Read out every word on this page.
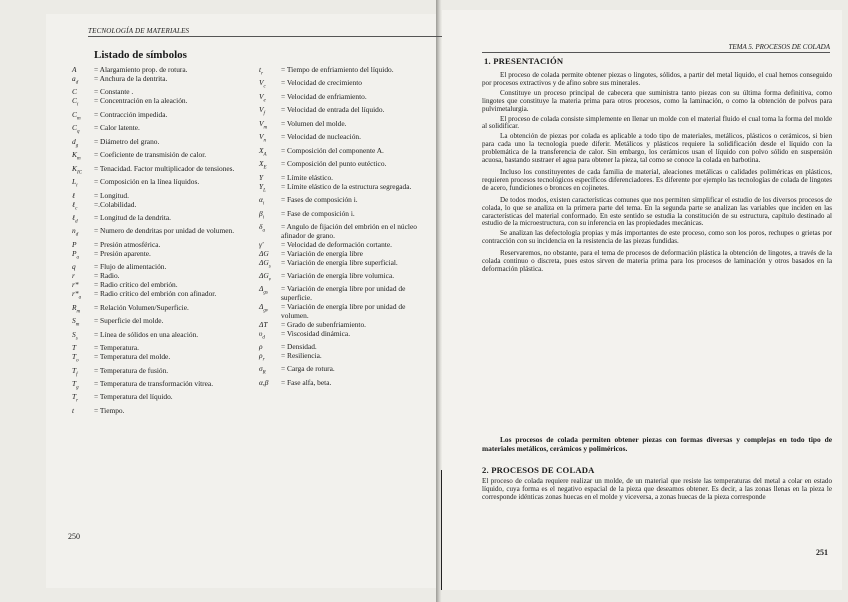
TECNOLOGÍA DE MATERIALES
Listado de símbolos
A	= Alargamiento prop. de rotura.
$a_d$	= Anchura de la dentrita.
C	= Constante .
$C_i$	= Concentración en la aleación.
$C_m$	= Contracción impedida.
$C_q$	= Calor latente.
$d_g$	= Diámetro del grano.
$K_m$	= Coeficiente de transmisión de calor.
$K_{IC}$	= Tenacidad. Factor multiplicador de tensiones.
$L_i$	= Composición en la línea líquidos.
ℓ	= Longitud.
ℓ$_c$	=.Colabilidad.
ℓ$_d$	= Longitud de la dendrita.
$n_d$	= Numero de dendritas por unidad de volumen.
P	= Presión atmosférica.
$P_a$	= Presión aparente.
q	= Flujo de alimentación.
r	= Radio.
r*	= Radio crítico del embrión.
$r*_a$	= Radio crítico del embrión con afinador.
$R_m$	= Relación Volumen/Superficie.
$S_m$	= Superficie del molde.
$S_s$	= Línea de sólidos en una aleación.
T	= Temperatura.
$T_o$	= Temperatura del molde.
$T_f$	= Temperatura de fusión.
$T_g$	= Temperatura de transformación vítrea.
$T_r$	= Temperatura del líquido.
t	= Tiempo.
$t_r$	= Tiempo de enfriamiento del líquido.
$V_c$	= Velocidad de crecimiento
$V_e$	= Velocidad de enfriamiento.
$V_f$	= Velocidad de entrada del líquido.
$V_m$	= Volumen del molde.
$V_n$	= Velocidad de nucleación.
$X_A$	= Composición del componente A.
$X_E$	= Composición del punto eutéctico.
Y	= Límite elástico.
$Y_L$	= Límite elástico de la estructura segregada.
$\alpha_i$	= Fases de composición i.
$\beta_i$	= Fase de composición i.
$\delta_a$	= Angulo de fijación del embrión en el núcleo afinador de grano.
γ'	= Velocidad de deformación cortante.
ΔG	= Variación de energía libre
$\Delta G_s$	= Variación de energía libre superficial.
$\Delta G_v$	= Variación de energía libre volumica.
$\Delta_{gs}$	= Variación de energía libre por unidad de superficie.
$\Delta_{gv}$	= Variación de energía libre por unidad de volumen.
ΔT	= Grado de subenfriamiento.
$\upsilon_d$	= Viscosidad dinámica.
ρ	= Densidad.
$\rho_r$	= Resiliencia.
$\sigma_R$	= Carga de rotura.
α,β	= Fase alfa, beta.
250
TEMA 5. PROCESOS DE COLADA
1. PRESENTACIÓN

El proceso de colada permite obtener piezas o lingotes, sólidos, a partir del metal líquido, el cual hemos conseguido por procesos extractivos y de afino sobre sus minerales.

Constituye un proceso principal de cabecera que suministra tanto piezas con su última forma definitiva, como lingotes que constituye la materia prima para otros procesos, como la laminación, o como la obtención de polvos para pulvimetalurgia.

El proceso de colada consiste simplemente en llenar un molde con el material fluido el cual toma la forma del molde al solidificar.

La obtención de piezas por colada es aplicable a todo tipo de materiales, metálicos, plásticos o cerámicos, si bien para cada uno la tecnología puede diferir. Metálicos y plásticos requiere la solidificación desde el líquido con la problemática de la transferencia de calor. Sin embargo, los cerámicos usan el líquido con polvo sólido en suspensión acuosa, bastando sustraer el agua para obtener la pieza, tal como se conoce la colada en barbotina.

Incluso los constituyentes de cada familia de material, aleaciones metálicas o calidades poliméricas en plásticos, requieren procesos tecnológicos específicos diferenciadores. Es diferente por ejemplo las tecnologías de colada de lingotes de acero, fundiciones o bronces en cojinetes.

De todos modos, existen características comunes que nos permiten simplificar el estudio de los diversos procesos de colada, lo que se analiza en la primera parte del tema. En la segunda parte se analizan las variables que inciden en las características del material conformado. En este sentido se estudia la constitución de su estructura, capítulo destinado al estudio de la microestructura, con su inferencia en las propiedades mecánicas.

Se analizan las defectología propias y más importantes de este proceso, como son los poros, rechupes o grietas por contracción con su incidencia en la resistencia de las piezas fundidas.

Reservaremos, no obstante, para el tema de procesos de deformación plástica la obtención de lingotes, a través de la colada continuo o discreta, pues estos sirven de materia prima para los procesos de laminación y otros basados en la deformación plástica.

Los procesos de colada permiten obtener piezas con formas diversas y complejas en todo tipo de materiales metálicos, cerámicos y poliméricos.
2. PROCESOS DE COLADA
El proceso de colada requiere realizar un molde, de un material que resiste las temperaturas del metal a colar en estado líquido, cuya forma es el negativo espacial de la pieza que deseamos obtener. Es decir, a las zonas llenas en la pieza le corresponde idénticas zonas huecas en el molde y viceversa, a zonas huecas de la pieza corresponde
251
